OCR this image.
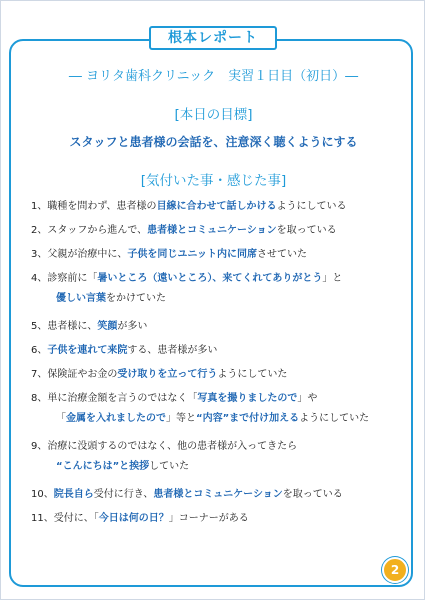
根本レポート
― ヨリタ歯科クリニック　実習１日目（初日）―
[本日の目標]
スタッフと患者様の会話を、注意深く聴くようにする
[気付いた事・感じた事]
1、職種を問わず、患者様の目線に合わせて話しかけるようにしている
2、スタッフから進んで、患者様とコミュニケーションを取っている
3、父親が治療中に、子供を同じユニット内に同席させていた
4、診察前に「暑いところ（遠いところ）、来てくれてありがとう」と
優しい言葉をかけていた
5、患者様に、笑顔が多い
6、子供を連れて来院する、患者様が多い
7、保険証やお金の受け取りを立って行うようにしていた
8、単に治療金額を言うのではなく「写真を撮りましたので」や
「金属を入れましたので」等と“内容”まで付け加えるようにしていた
9、治療に没頭するのではなく、他の患者様が入ってきたら
“こんにちは”と挨拶していた
10、院長自ら受付に行き、患者様とコミュニケーションを取っている
11、受付に、「今日は何の日？」コーナーがある
2
